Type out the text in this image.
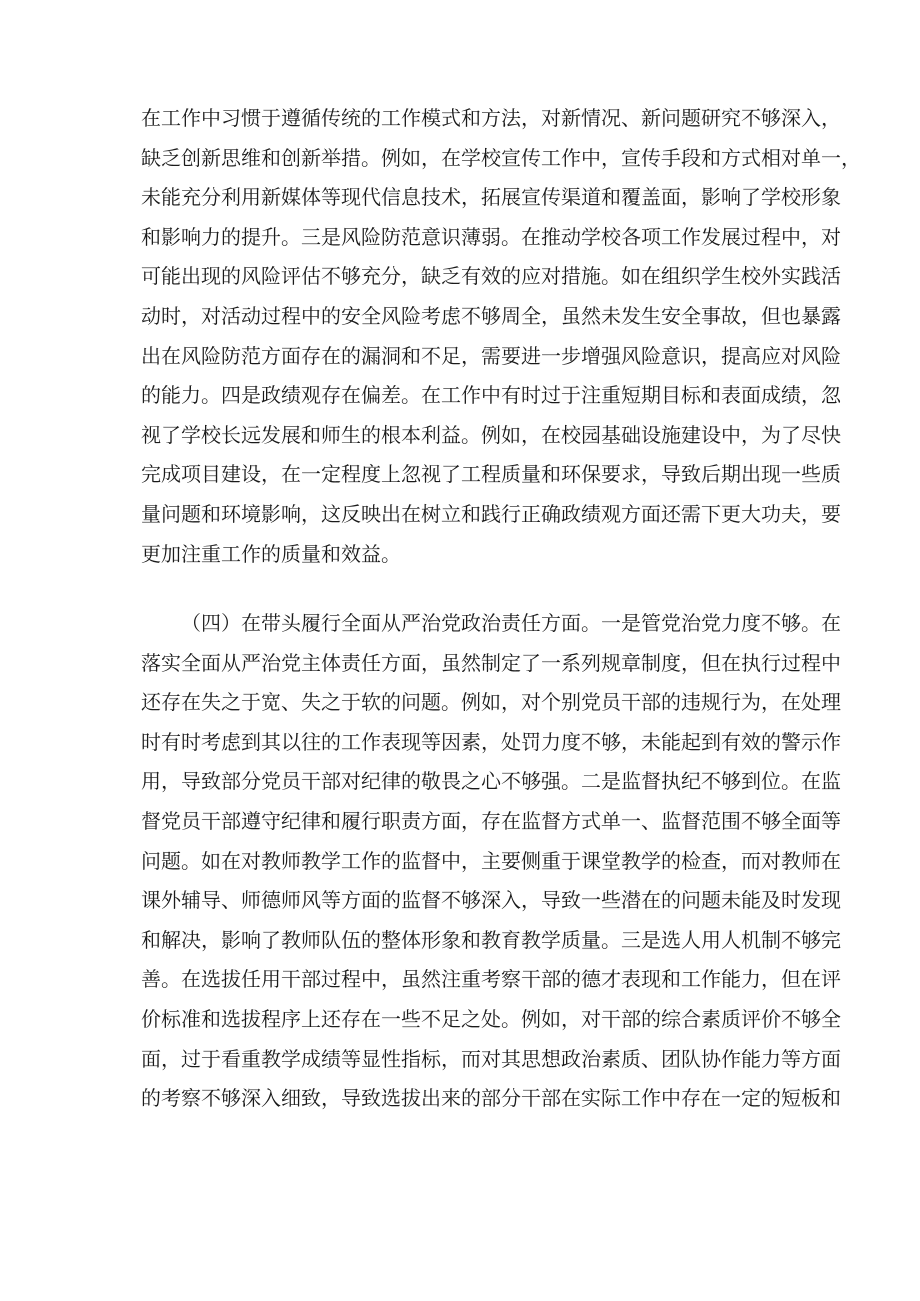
在工作中习惯于遵循传统的工作模式和方法，对新情况、新问题研究不够深入，
缺乏创新思维和创新举措。例如，在学校宣传工作中，宣传手段和方式相对单一，
未能充分利用新媒体等现代信息技术，拓展宣传渠道和覆盖面，影响了学校形象
和影响力的提升。三是风险防范意识薄弱。在推动学校各项工作发展过程中，对
可能出现的风险评估不够充分，缺乏有效的应对措施。如在组织学生校外实践活
动时，对活动过程中的安全风险考虑不够周全，虽然未发生安全事故，但也暴露
出在风险防范方面存在的漏洞和不足，需要进一步增强风险意识，提高应对风险
的能力。四是政绩观存在偏差。在工作中有时过于注重短期目标和表面成绩，忽
视了学校长远发展和师生的根本利益。例如，在校园基础设施建设中，为了尽快
完成项目建设，在一定程度上忽视了工程质量和环保要求，导致后期出现一些质
量问题和环境影响，这反映出在树立和践行正确政绩观方面还需下更大功夫，要
更加注重工作的质量和效益。
（四）在带头履行全面从严治党政治责任方面。一是管党治党力度不够。在
落实全面从严治党主体责任方面，虽然制定了一系列规章制度，但在执行过程中
还存在失之于宽、失之于软的问题。例如，对个别党员干部的违规行为，在处理
时有时考虑到其以往的工作表现等因素，处罚力度不够，未能起到有效的警示作
用，导致部分党员干部对纪律的敬畏之心不够强。二是监督执纪不够到位。在监
督党员干部遵守纪律和履行职责方面，存在监督方式单一、监督范围不够全面等
问题。如在对教师教学工作的监督中，主要侧重于课堂教学的检查，而对教师在
课外辅导、师德师风等方面的监督不够深入，导致一些潜在的问题未能及时发现
和解决，影响了教师队伍的整体形象和教育教学质量。三是选人用人机制不够完
善。在选拔任用干部过程中，虽然注重考察干部的德才表现和工作能力，但在评
价标准和选拔程序上还存在一些不足之处。例如，对干部的综合素质评价不够全
面，过于看重教学成绩等显性指标，而对其思想政治素质、团队协作能力等方面
的考察不够深入细致，导致选拔出来的部分干部在实际工作中存在一定的短板和
